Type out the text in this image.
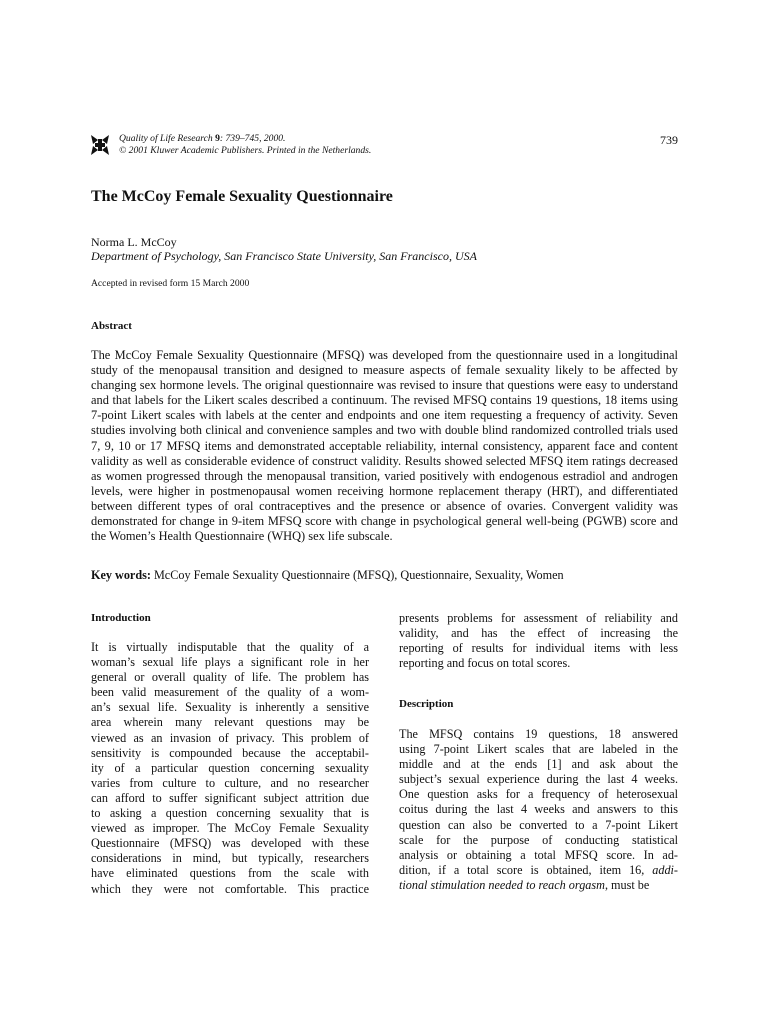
Quality of Life Research 9: 739–745, 2000.
© 2001 Kluwer Academic Publishers. Printed in the Netherlands.
739
The McCoy Female Sexuality Questionnaire
Norma L. McCoy
Department of Psychology, San Francisco State University, San Francisco, USA
Accepted in revised form 15 March 2000
Abstract

The McCoy Female Sexuality Questionnaire (MFSQ) was developed from the questionnaire used in a longitudinal study of the menopausal transition and designed to measure aspects of female sexuality likely to be affected by changing sex hormone levels. The original questionnaire was revised to insure that questions were easy to understand and that labels for the Likert scales described a continuum. The revised MFSQ contains 19 questions, 18 items using 7-point Likert scales with labels at the center and endpoints and one item requesting a frequency of activity. Seven studies involving both clinical and convenience samples and two with double blind randomized controlled trials used 7, 9, 10 or 17 MFSQ items and demonstrated acceptable reliability, internal consistency, apparent face and content validity as well as considerable evidence of construct validity. Results showed selected MFSQ item ratings decreased as women progressed through the menopausal transition, varied positively with endogenous estradiol and androgen levels, were higher in postmenopausal women receiving hormone replacement therapy (HRT), and differentiated between different types of oral contraceptives and the presence or absence of ovaries. Convergent validity was demonstrated for change in 9-item MFSQ score with change in psychological general well-being (PGWB) score and the Women’s Health Questionnaire (WHQ) sex life subscale.

Key words: McCoy Female Sexuality Questionnaire (MFSQ), Questionnaire, Sexuality, Women
Introduction
It is virtually indisputable that the quality of a
woman’s sexual life plays a significant role in her
general or overall quality of life. The problem has
been valid measurement of the quality of a wom-
an’s sexual life. Sexuality is inherently a sensitive
area wherein many relevant questions may be
viewed as an invasion of privacy. This problem of
sensitivity is compounded because the acceptabil-
ity of a particular question concerning sexuality
varies from culture to culture, and no researcher
can afford to suffer significant subject attrition due
to asking a question concerning sexuality that is
viewed as improper. The McCoy Female Sexuality
Questionnaire (MFSQ) was developed with these
considerations in mind, but typically, researchers
have eliminated questions from the scale with
which they were not comfortable. This practice
presents problems for assessment of reliability and
validity, and has the effect of increasing the
reporting of results for individual items with less
reporting and focus on total scores.
Description
The MFSQ contains 19 questions, 18 answered
using 7-point Likert scales that are labeled in the
middle and at the ends [1] and ask about the
subject’s sexual experience during the last 4 weeks.
One question asks for a frequency of heterosexual
coitus during the last 4 weeks and answers to this
question can also be converted to a 7-point Likert
scale for the purpose of conducting statistical
analysis or obtaining a total MFSQ score. In ad-
dition, if a total score is obtained, item 16, addi-
tional stimulation needed to reach orgasm, must be
